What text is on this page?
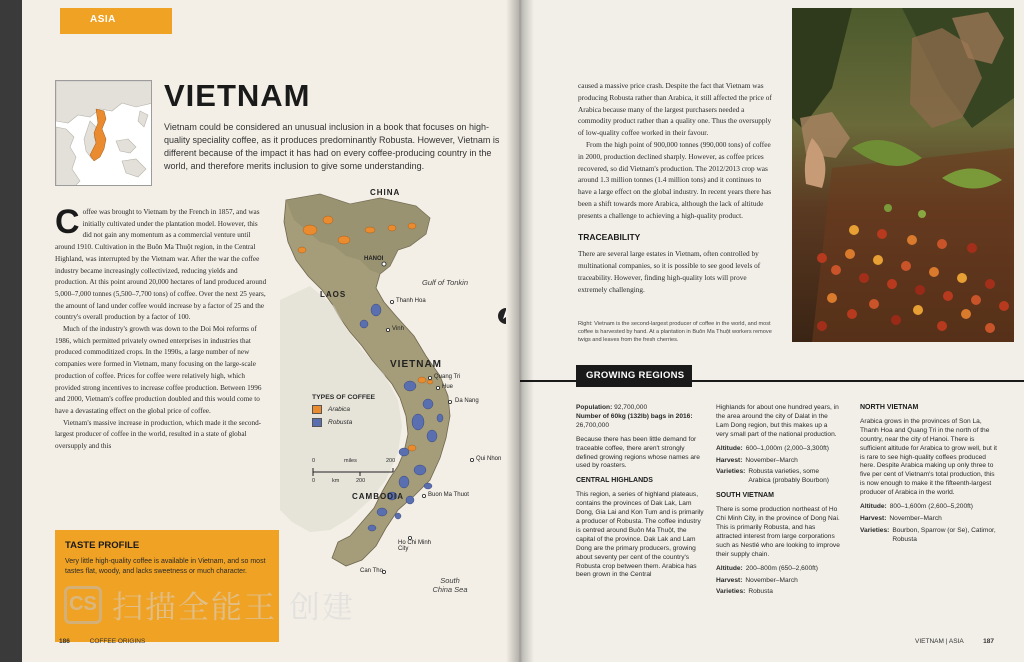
ASIA
VIETNAM
Vietnam could be considered an unusual inclusion in a book that focuses on high-quality speciality coffee, as it produces predominantly Robusta. However, Vietnam is different because of the impact it has had on every coffee-producing country in the world, and therefore merits inclusion to give some understanding.

Coffee was brought to Vietnam by the French in 1857, and was initially cultivated under the plantation model. However, this did not gain any momentum as a commercial venture until around 1910. Cultivation in the Buôn Ma Thuột region, in the Central Highland, was interrupted by the Vietnam war. After the war the coffee industry became increasingly collectivized, reducing yields and production. At this point around 20,000 hectares of land produced around 5,000–7,000 tonnes (5,500–7,700 tons) of coffee. Over the next 25 years, the amount of land under coffee would increase by a factor of 25 and the country's overall production by a factor of 100.

Much of the industry's growth was down to the Doi Moi reforms of 1986, which permitted privately owned enterprises in industries that produced commoditized crops. In the 1990s, a large number of new companies were formed in Vietnam, many focusing on the large-scale production of coffee. Prices for coffee were relatively high, which provided strong incentives to increase coffee production. Between 1996 and 2000, Vietnam's coffee production doubled and this would come to have a devastating effect on the global price of coffee.

Vietnam's massive increase in production, which made it the second-largest producer of coffee in the world, resulted in a state of global oversupply and this

TASTE PROFILE
Very little high-quality coffee is available in Vietnam, and so most tastes flat, woody, and lacks sweetness or much character.
CHINA
LAOS
VIETNAM
CAMBODIA
HANOI
Thanh Hoa
Vinh
Quang Tri
Hue
Da Nang
Qui Nhon
Buon Ma Thuot
Ho Chi Minh City
Can Tho
Gulf of Tonkin
South China Sea
TYPES OF COFFEE
Arabica
Robusta
miles
0	200
0	km	200
CS 扫描全能王 创建
186	COFFEE ORIGINS

caused a massive price crash. Despite the fact that Vietnam was producing Robusta rather than Arabica, it still affected the price of Arabica because many of the largest purchasers needed a commodity product rather than a quality one. Thus the oversupply of low-quality coffee worked in their favour.

From the high point of 900,000 tonnes (990,000 tons) of coffee in 2000, production declined sharply. However, as coffee prices recovered, so did Vietnam's production. The 2012/2013 crop was around 1.3 million tonnes (1.4 million tons) and it continues to have a large effect on the global industry. In recent years there has been a shift towards more Arabica, although the lack of altitude presents a challenge to achieving a high-quality product.

TRACEABILITY

There are several large estates in Vietnam, often controlled by multinational companies, so it is possible to see good levels of traceability. However, finding high-quality lots will prove extremely challenging.

Right: Vietnam is the second-largest producer of coffee in the world, and most coffee is harvested by hand. At a plantation in Buôn Ma Thuột workers remove twigs and leaves from the fresh cherries.
GROWING REGIONS

Population: 92,700,000

Number of 60kg (132lb) bags in 2016: 26,700,000

Because there has been little demand for traceable coffee, there aren't strongly defined growing regions whose names are used by roasters.

CENTRAL HIGHLANDS

This region, a series of highland plateaus, contains the provinces of Dak Lak, Lam Dong, Gia Lai and Kon Tum and is primarily a producer of Robusta. The coffee industry is centred around Buôn Ma Thuột, the capital of the province. Dak Lak and Lam Dong are the primary producers, growing about seventy per cent of the country's Robusta crop between them. Arabica has been grown in the Central

Highlands for about one hundred years, in the area around the city of Dalat in the Lam Dong region, but this makes up a very small part of the national production.

Altitude: 600–1,000m (2,000–3,300ft)
Harvest: November–March
Varieties: Robusta varieties, some Arabica (probably Bourbon)
SOUTH VIETNAM

There is some production northeast of Ho Chi Minh City, in the province of Dong Nai. This is primarily Robusta, and has attracted interest from large corporations such as Nestlé who are looking to improve their supply chain.

Altitude: 200–800m (650–2,600ft)
Harvest: November–March
Varieties: Robusta
NORTH VIETNAM

Arabica grows in the provinces of Son La, Thanh Hoa and Quang Tri in the north of the country, near the city of Hanoi. There is sufficient altitude for Arabica to grow well, but it is rare to see high-quality coffees produced here. Despite Arabica making up only three to five per cent of Vietnam's total production, this is now enough to make it the fifteenth-largest producer of Arabica in the world.

Altitude: 800–1,600m (2,600–5,200ft)
Harvest: November–March
Varieties: Bourbon, Sparrow (or Se), Catimor, Robusta
VIETNAM | ASIA	187
